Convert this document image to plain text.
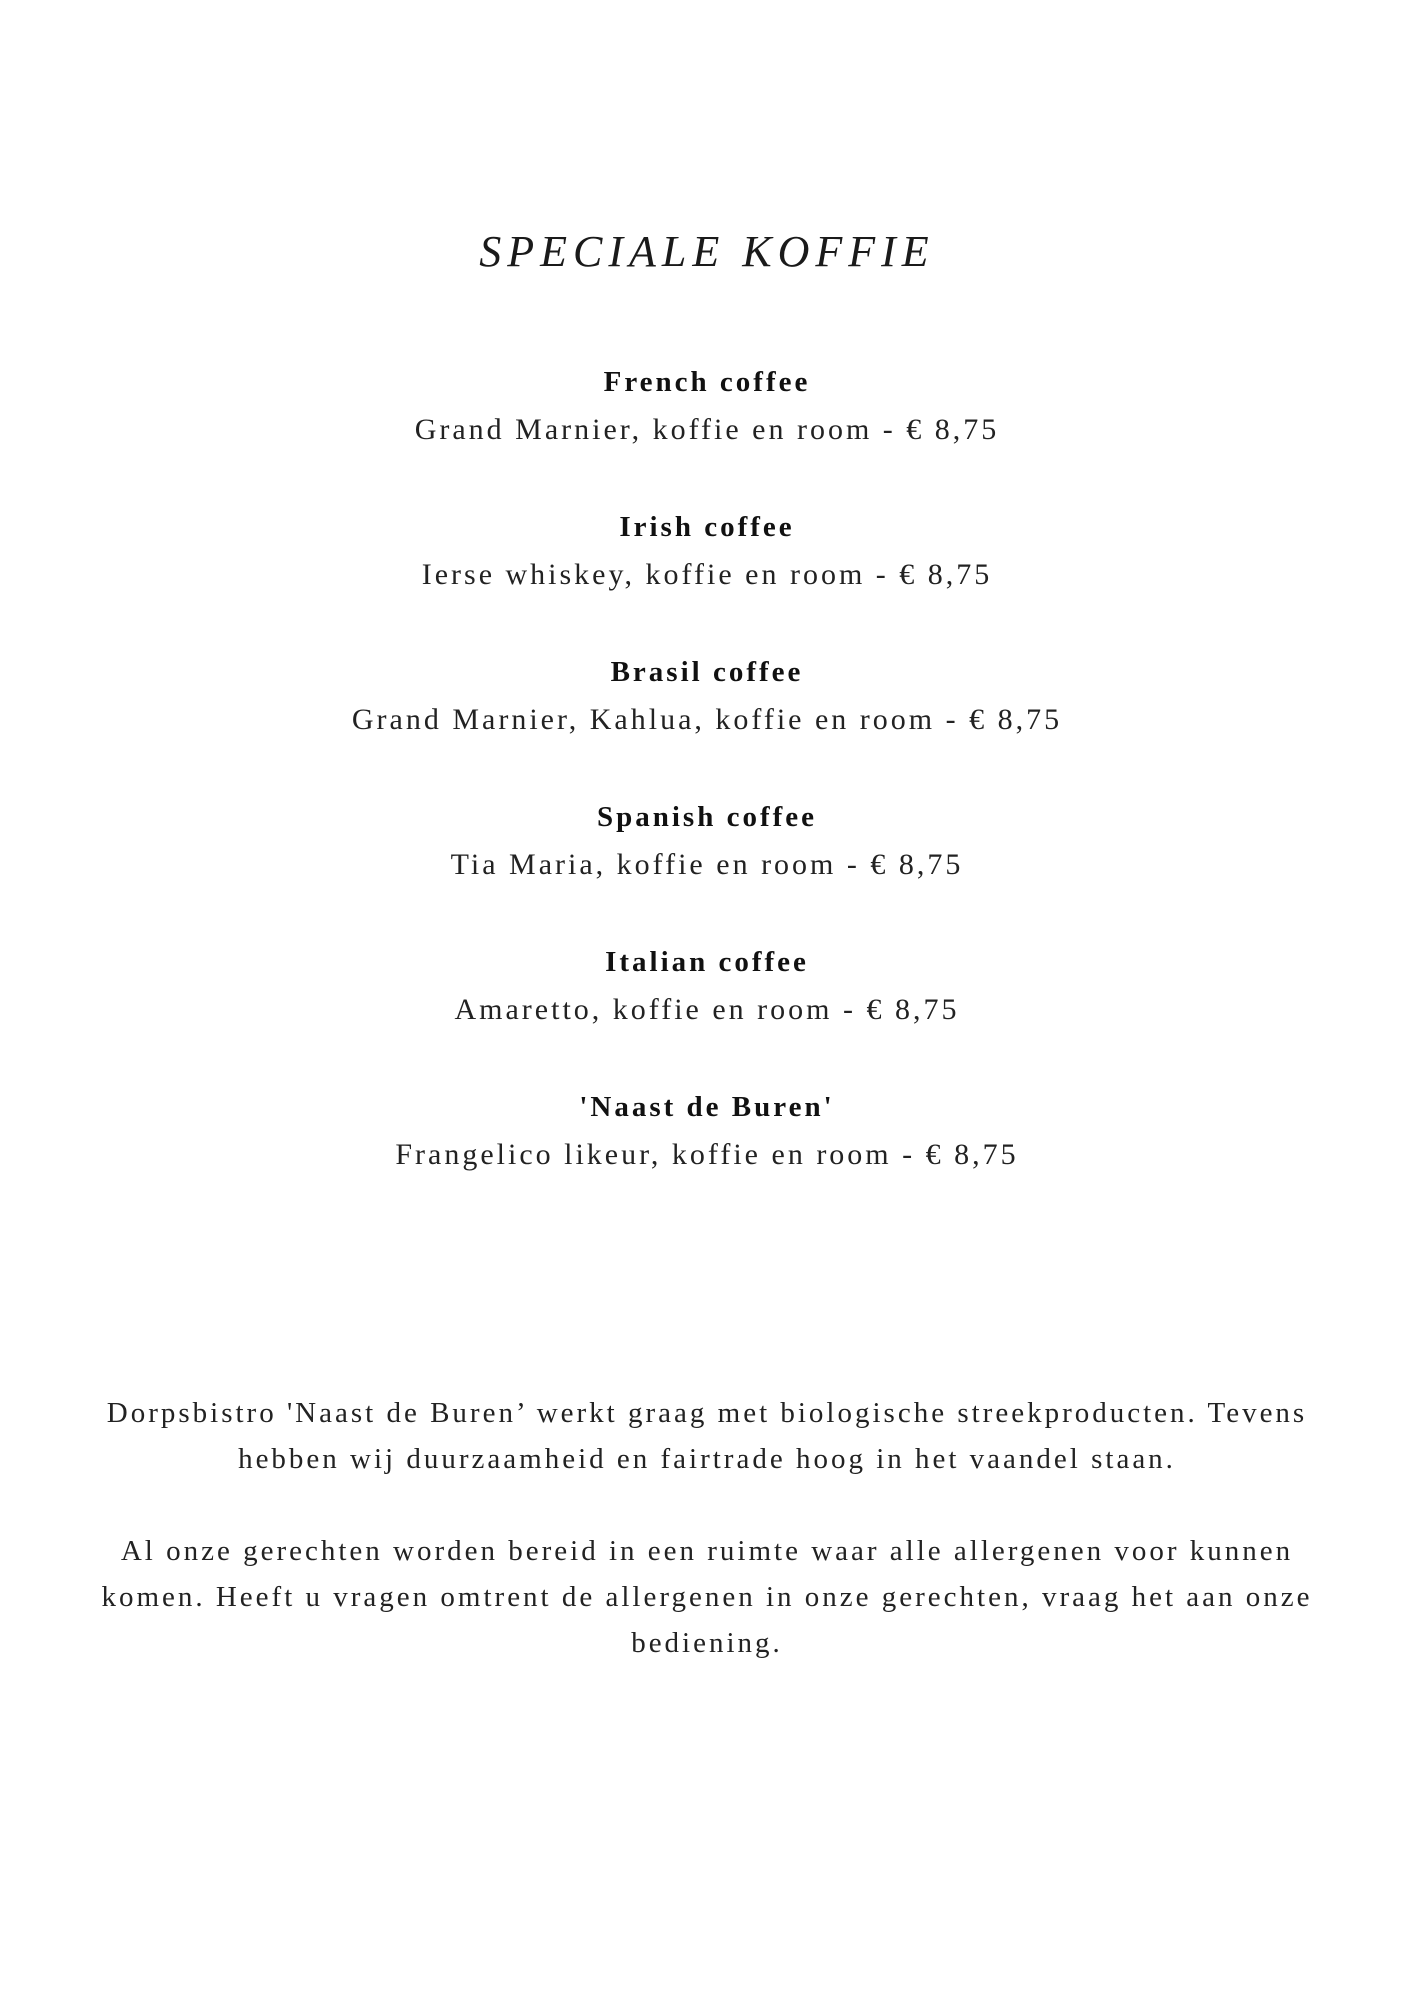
SPECIALE KOFFIE
French coffee
Grand Marnier, koffie en room - € 8,75
Irish coffee
Ierse whiskey, koffie en room - € 8,75
Brasil coffee
Grand Marnier, Kahlua, koffie en room - € 8,75
Spanish coffee
Tia Maria, koffie en room - € 8,75
Italian coffee
Amaretto, koffie en room - € 8,75
'Naast de Buren'
Frangelico likeur, koffie en room - € 8,75

Dorpsbistro 'Naast de Buren’ werkt graag met biologische streekproducten. Tevens hebben wij duurzaamheid en fairtrade hoog in het vaandel staan.

Al onze gerechten worden bereid in een ruimte waar alle allergenen voor kunnen komen. Heeft u vragen omtrent de allergenen in onze gerechten, vraag het aan onze bediening.
